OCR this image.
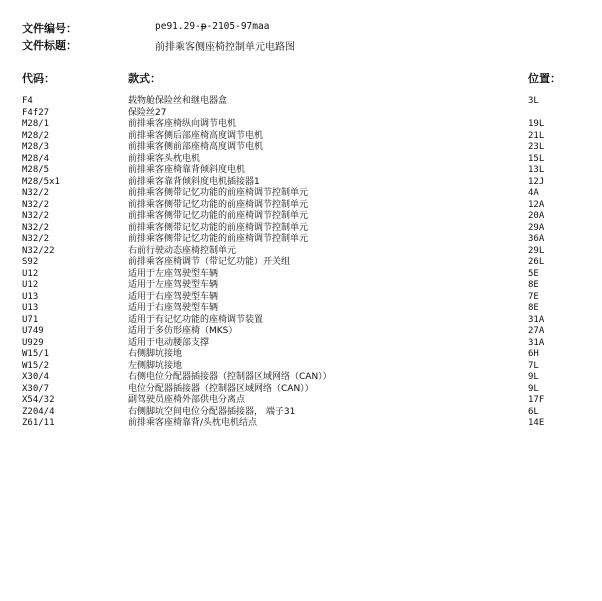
文件编号：	pe91.29-p-2105-97maa
文件标题：	前排乘客侧座椅控制单元电路图
代码：	款式：	位置：
F4	载物舱保险丝和继电器盒	3L
F4f27	保险丝27
M28/1	前排乘客座椅纵向调节电机	19L
M28/2	前排乘客侧后部座椅高度调节电机	21L
M28/3	前排乘客侧前部座椅高度调节电机	23L
M28/4	前排乘客头枕电机	15L
M28/5	前排乘客座椅靠背倾斜度电机	13L
M28/5x1	前排乘客靠背倾斜度电机插接器1	12J
N32/2	前排乘客侧带记忆功能的前座椅调节控制单元	4A
N32/2	前排乘客侧带记忆功能的前座椅调节控制单元	12A
N32/2	前排乘客侧带记忆功能的前座椅调节控制单元	20A
N32/2	前排乘客侧带记忆功能的前座椅调节控制单元	29A
N32/2	前排乘客侧带记忆功能的前座椅调节控制单元	36A
N32/22	右前行驶动态座椅控制单元	29L
S92	前排乘客座椅调节（带记忆功能）开关组	26L
U12	适用于左座驾驶型车辆	5E
U12	适用于左座驾驶型车辆	8E
U13	适用于右座驾驶型车辆	7E
U13	适用于右座驾驶型车辆	8E
U71	适用于有记忆功能的座椅调节装置	31A
U749	适用于多仿形座椅（MKS）	27A
U929	适用于电动腰部支撑	31A
W15/1	右侧脚坑接地	6H
W15/2	左侧脚坑接地	7L
X30/4	右侧电位分配器插接器（控制器区域网络（CAN））	9L
X30/7	电位分配器插接器（控制器区域网络（CAN））	9L
X54/32	副驾驶员座椅外部供电分离点	17F
Z204/4	右侧脚坑空间电位分配器插接器， 端子31	6L
Z61/11	前排乘客座椅靠背/头枕电机结点	14E
